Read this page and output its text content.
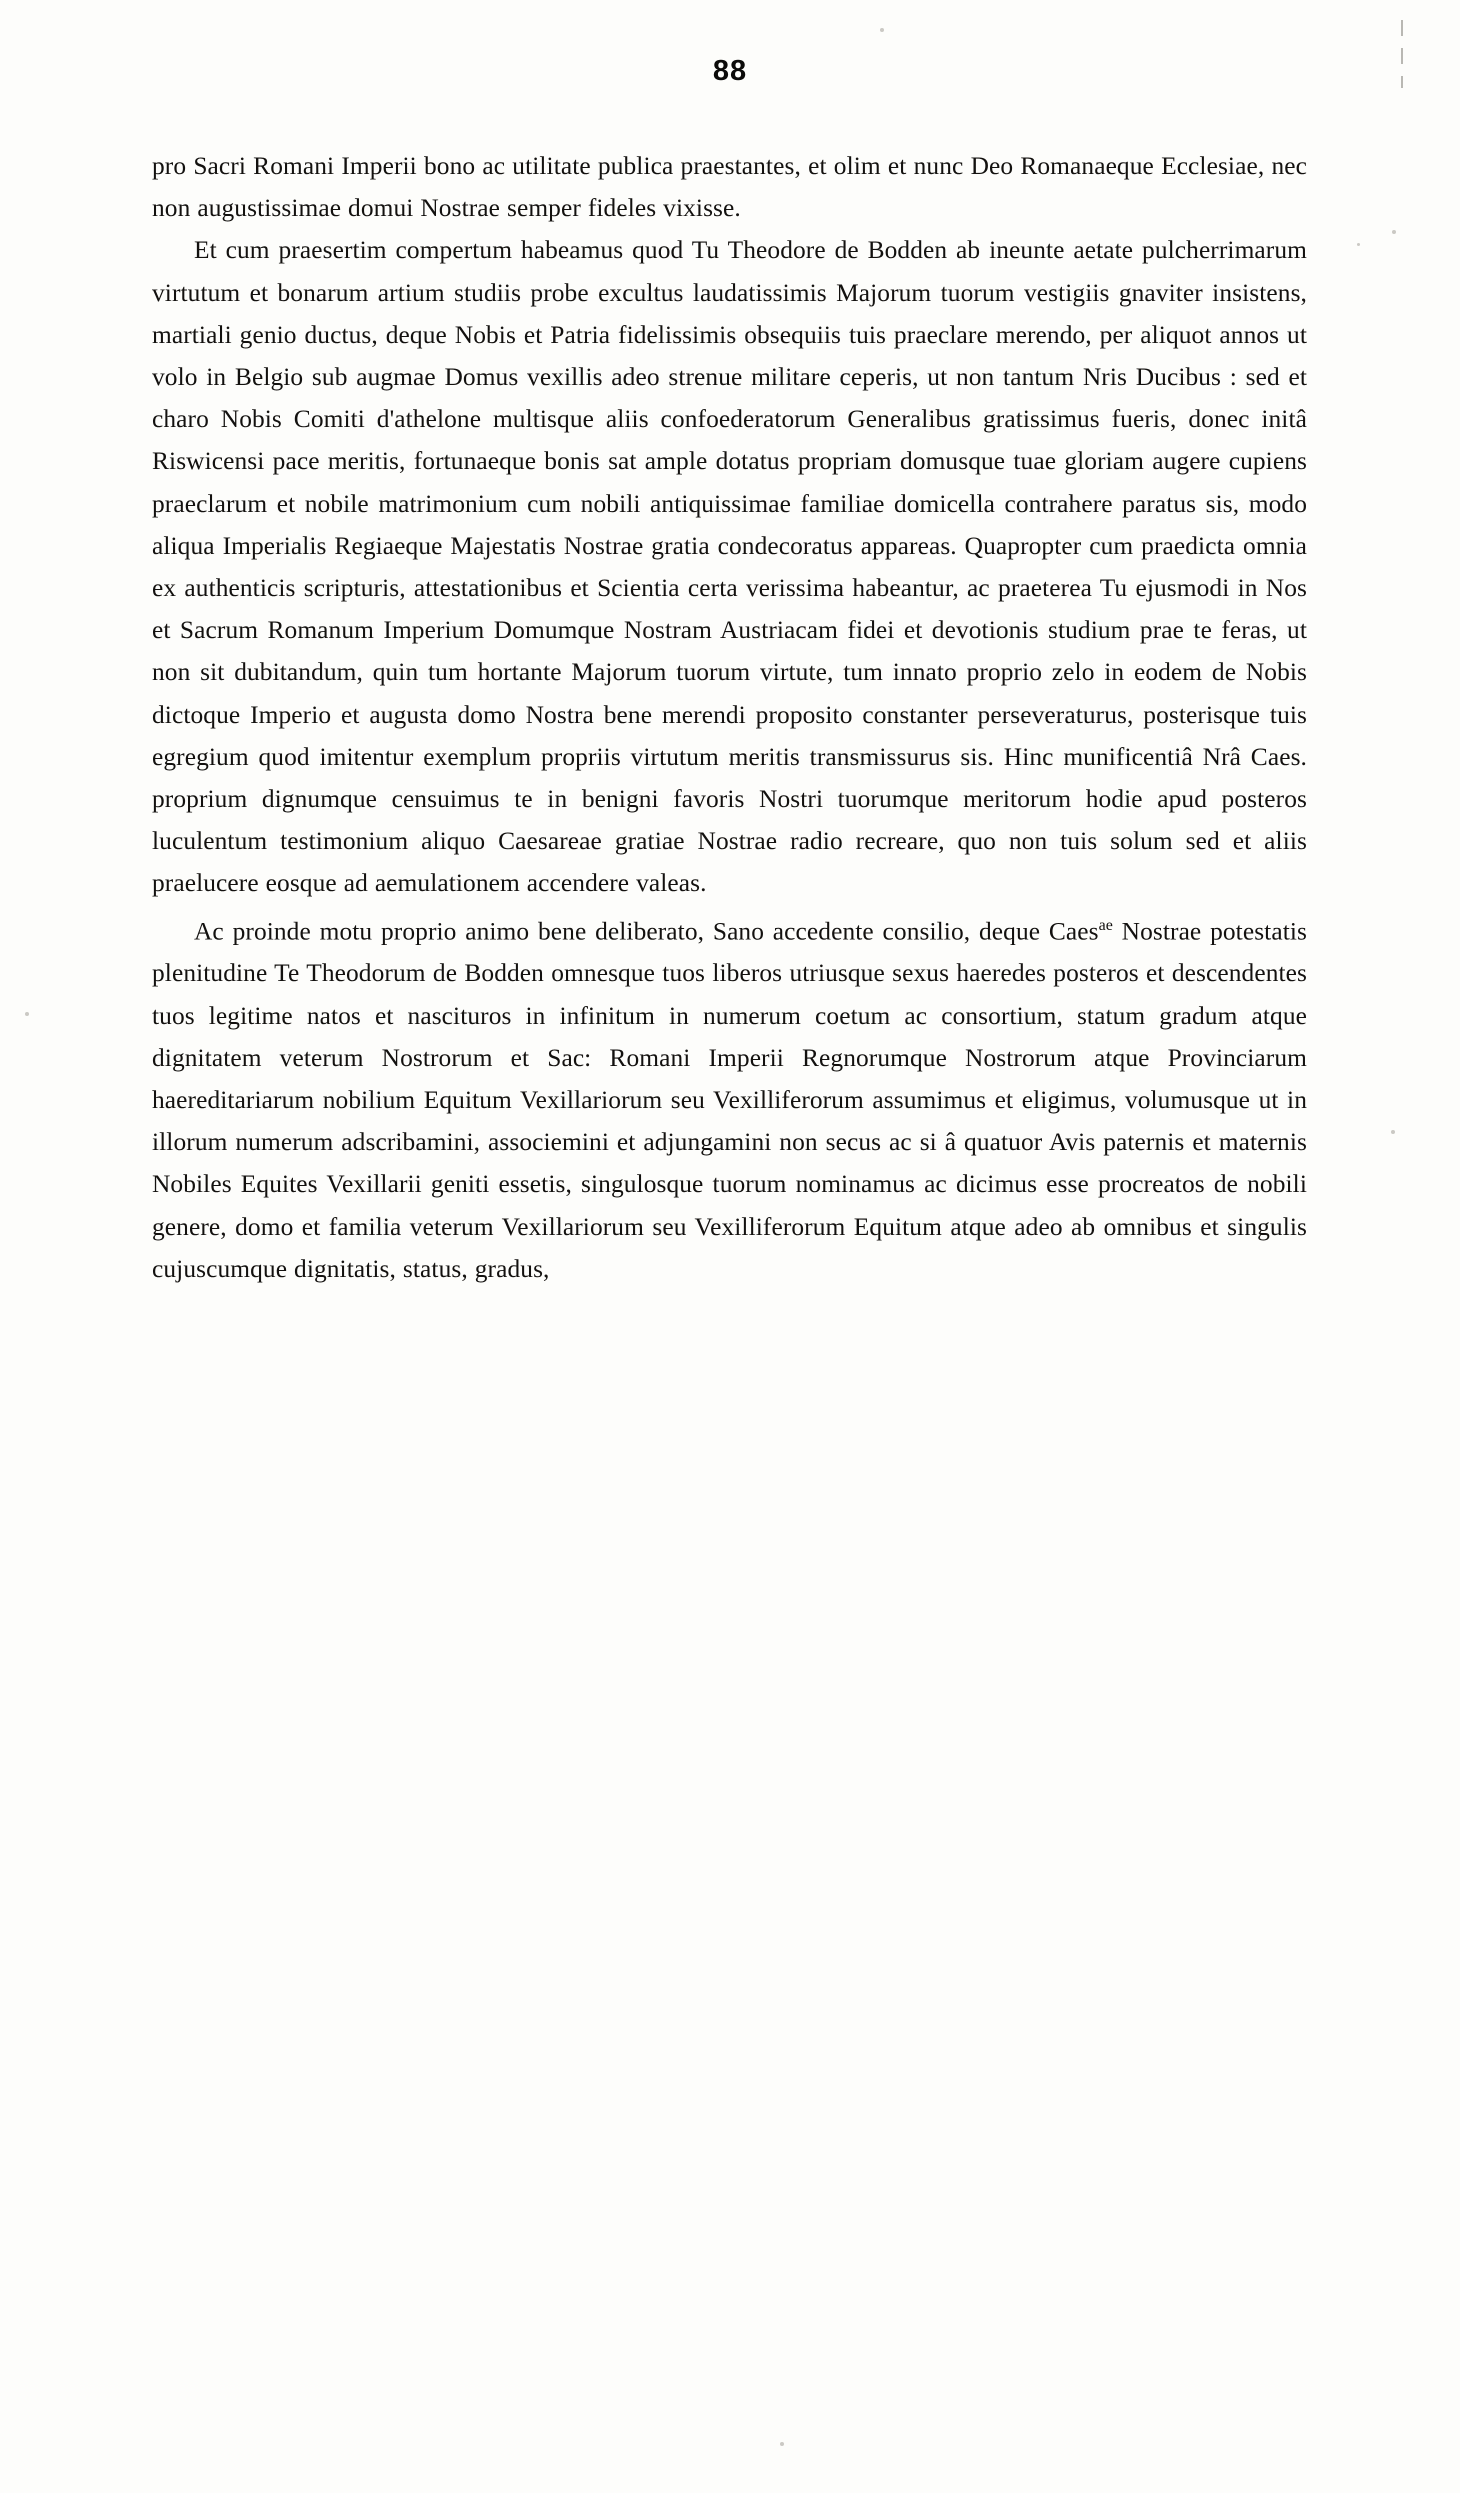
88

pro Sacri Romani Imperii bono ac utilitate publica praestantes, et olim et nunc Deo Romanaeque Ecclesiae, nec non augustissimae domui Nostrae semper fideles vixisse.

Et cum praesertim compertum habeamus quod Tu Theodore de Bodden ab ineunte aetate pulcherrimarum virtutum et bonarum artium studiis probe excultus laudatissimis Majorum tuorum vestigiis gnaviter insistens, martiali genio ductus, deque Nobis et Patria fidelissimis obsequiis tuis praeclare merendo, per aliquot annos ut volo in Belgio sub augmae Domus vexillis adeo strenue militare ceperis, ut non tantum Nris Ducibus : sed et charo Nobis Comiti d'athelone multisque aliis confoederatorum Generalibus gratissimus fueris, donec initâ Riswicensi pace meritis, fortunaeque bonis sat ample dotatus propriam domusque tuae gloriam augere cupiens praeclarum et nobile matrimonium cum nobili antiquissimae familiae domicella contrahere paratus sis, modo aliqua Imperialis Regiaeque Majestatis Nostrae gratia condecoratus appareas. Quapropter cum praedicta omnia ex authenticis scripturis, attestationibus et Scientia certa verissima habeantur, ac praeterea Tu ejusmodi in Nos et Sacrum Romanum Imperium Domumque Nostram Austriacam fidei et devotionis studium prae te feras, ut non sit dubitandum, quin tum hortante Majorum tuorum virtute, tum innato proprio zelo in eodem de Nobis dictoque Imperio et augusta domo Nostra bene merendi proposito constanter perseveraturus, posterisque tuis egregium quod imitentur exemplum propriis virtutum meritis transmissurus sis. Hinc munificentiâ Nrâ Caes. proprium dignumque censuimus te in benigni favoris Nostri tuorumque meritorum hodie apud posteros luculentum testimonium aliquo Caesareae gratiae Nostrae radio recreare, quo non tuis solum sed et aliis praelucere eosque ad aemulationem accendere valeas.

Ac proinde motu proprio animo bene deliberato, Sano accedente consilio, deque Caes$^{ae}$ Nostrae potestatis plenitudine Te Theodorum de Bodden omnesque tuos liberos utriusque sexus haeredes posteros et descendentes tuos legitime natos et nascituros in infinitum in numerum coetum ac consortium, statum gradum atque dignitatem veterum Nostrorum et Sac: Romani Imperii Regnorumque Nostrorum atque Provinciarum haereditariarum nobilium Equitum Vexillariorum seu Vexilliferorum assumimus et eligimus, volumusque ut in illorum numerum adscribamini, associemini et adjungamini non secus ac si â quatuor Avis paternis et maternis Nobiles Equites Vexillarii geniti essetis, singulosque tuorum nominamus ac dicimus esse procreatos de nobili genere, domo et familia veterum Vexillariorum seu Vexilliferorum Equitum atque adeo ab omnibus et singulis cujuscumque dignitatis, status, gradus,
